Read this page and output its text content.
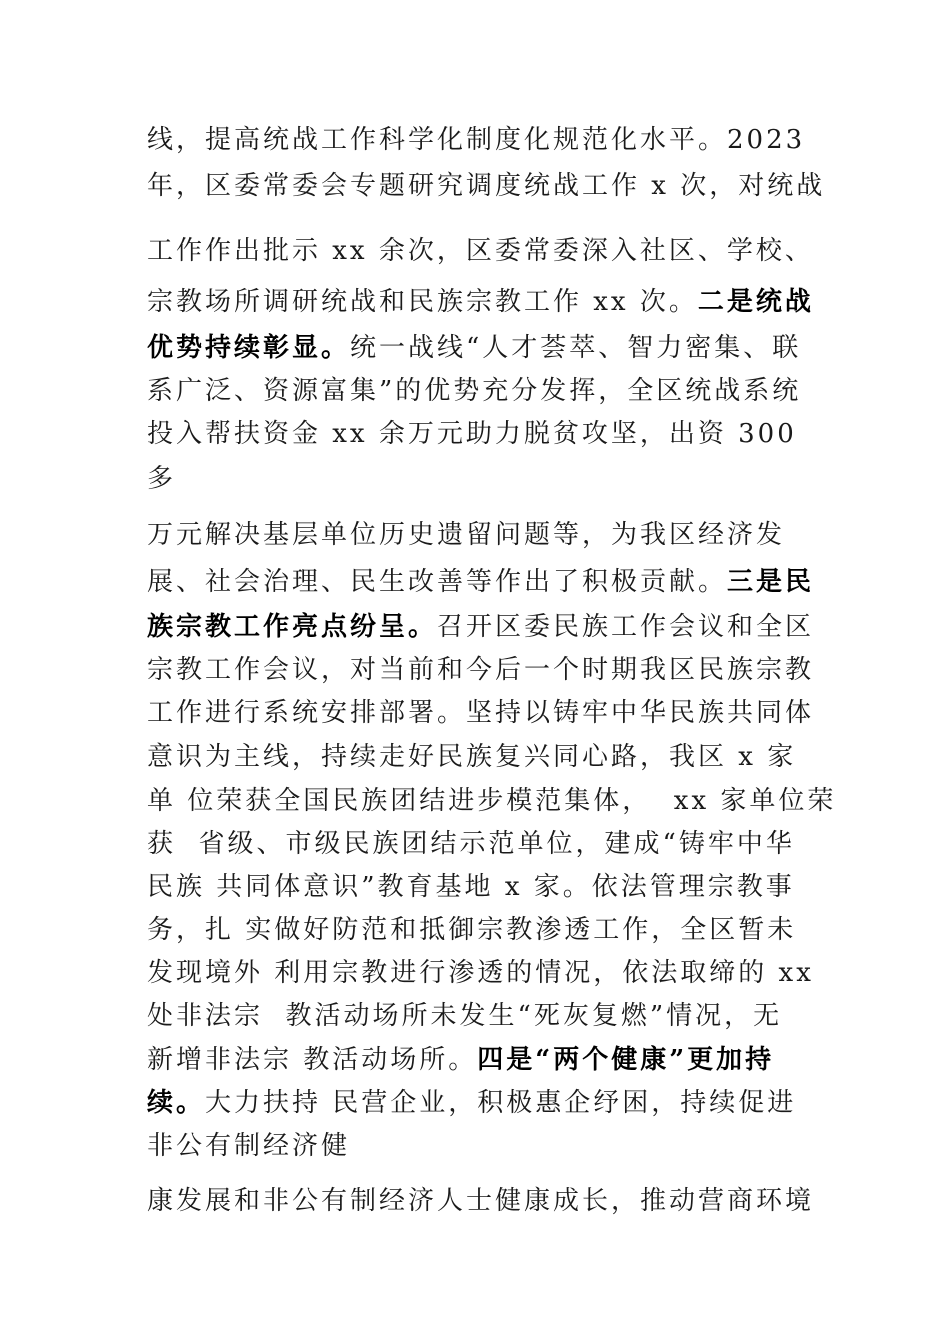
线，提高统战工作科学化制度化规范化水平。2023
年，区委常委会专题研究调度统战工作 x 次，对统战
工作作出批示 xx 余次，区委常委深入社区、学校、
宗教场所调研统战和民族宗教工作 xx 次。二是统战
优势持续彰显。统一战线“人才荟萃、智力密集、联
系广泛、资源富集”的优势充分发挥，全区统战系统
投入帮扶资金 xx 余万元助力脱贫攻坚，出资 300
多
万元解决基层单位历史遗留问题等，为我区经济发
展、社会治理、民生改善等作出了积极贡献。三是民
族宗教工作亮点纷呈。召开区委民族工作会议和全区
宗教工作会议，对当前和今后一个时期我区民族宗教
工作进行系统安排部署。坚持以铸牢中华民族共同体
意识为主线，持续走好民族复兴同心路，我区 x 家
单 位荣获全国民族团结进步模范集体，  xx 家单位荣
获  省级、市级民族团结示范单位，建成“铸牢中华
民族 共同体意识”教育基地 x 家。依法管理宗教事
务，扎 实做好防范和抵御宗教渗透工作，全区暂未
发现境外 利用宗教进行渗透的情况，依法取缔的 xx
处非法宗  教活动场所未发生“死灰复燃”情况，无
新增非法宗 教活动场所。四是“两个健康”更加持
续。大力扶持 民营企业，积极惠企纾困，持续促进
非公有制经济健
康发展和非公有制经济人士健康成长，推动营商环境
